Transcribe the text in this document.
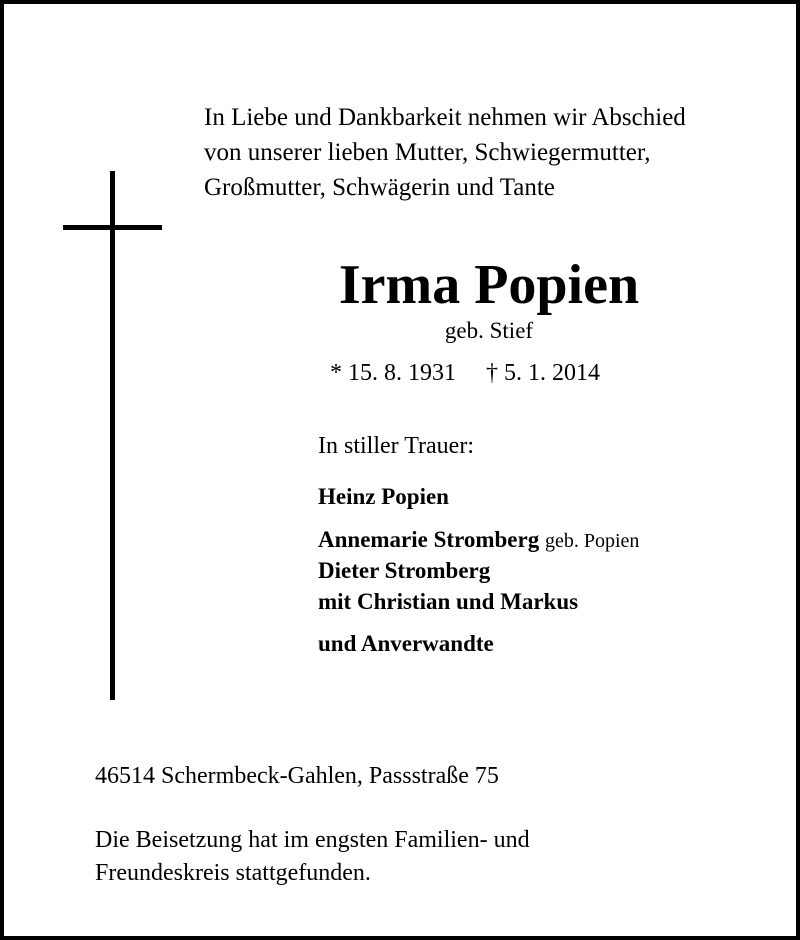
In Liebe und Dankbarkeit nehmen wir Abschied
von unserer lieben Mutter, Schwiegermutter,
Großmutter, Schwägerin und Tante
Irma Popien
geb. Stief
* 15. 8. 1931 † 5. 1. 2014
In stiller Trauer:
Heinz Popien
Annemarie Stromberg geb. Popien
Dieter Stromberg
mit Christian und Markus
und Anverwandte
46514 Schermbeck-Gahlen, Passstraße 75
Die Beisetzung hat im engsten Familien- und
Freundeskreis stattgefunden.
